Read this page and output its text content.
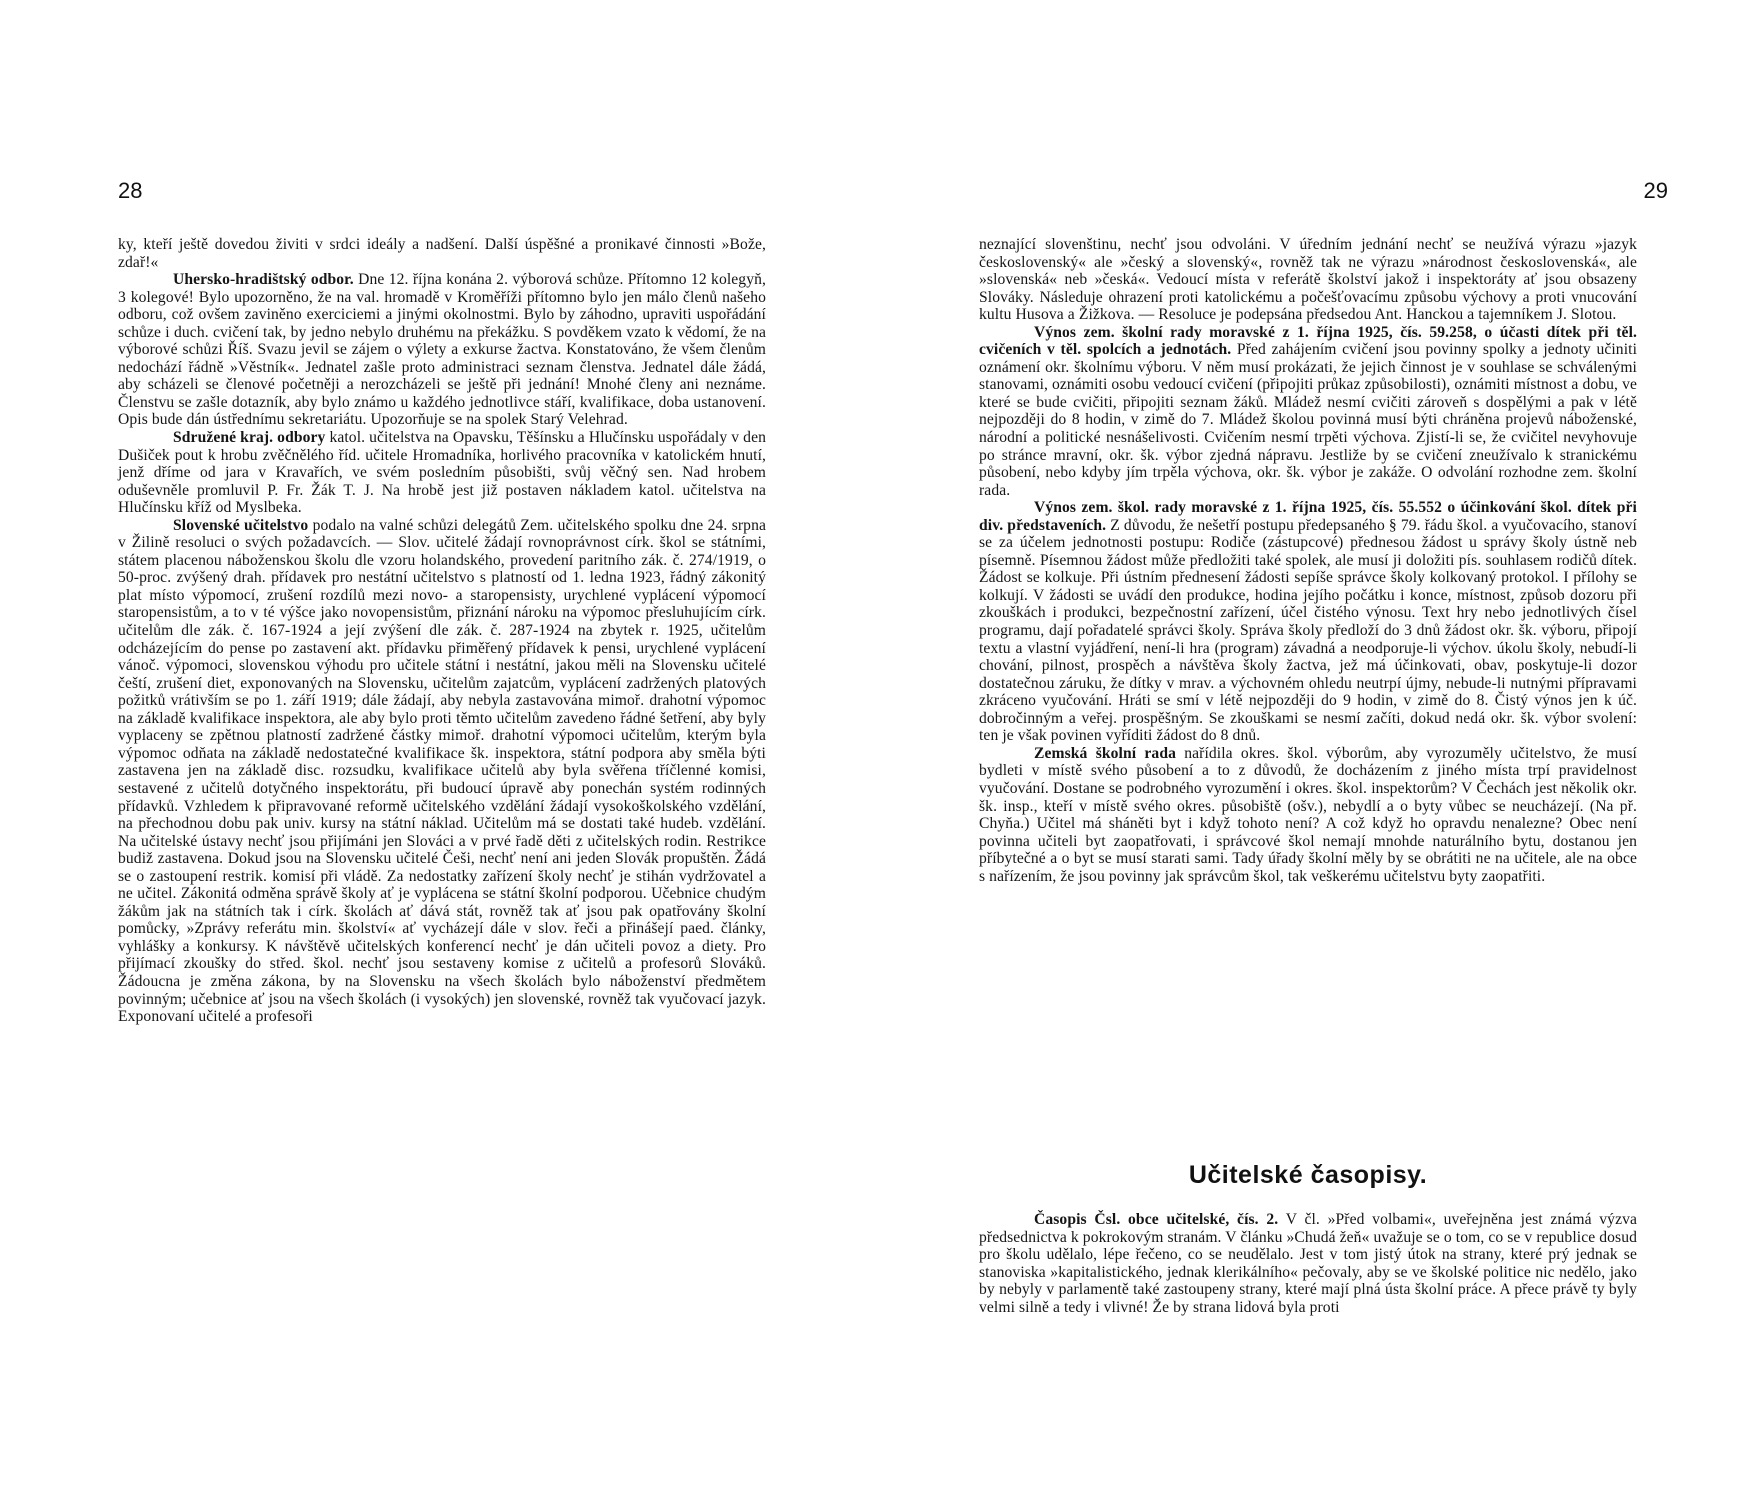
28

ky, kteří ještě dovedou živiti v srdci ideály a nadšení. Další úspěšné a pronikavé činnosti »Bože, zdař!«

Uhersko-hradištský odbor. Dne 12. října konána 2. výborová schůze. Přítomno 12 kolegyň, 3 kolegové! Bylo upozorněno, že na val. hromadě v Kroměříži přítomno bylo jen málo členů našeho odboru, což ovšem zaviněno exerciciemi a jinými okolnostmi. Bylo by záhodno, upraviti uspořádání schůze i duch. cvičení tak, by jedno nebylo druhému na překážku. S povděkem vzato k vědomí, že na výborové schůzi Říš. Svazu jevil se zájem o výlety a exkurse žactva. Konstatováno, že všem členům nedochází řádně »Věstník«. Jednatel zašle proto administraci seznam členstva. Jednatel dále žádá, aby scházeli se členové početněji a nerozcházeli se ještě při jednání! Mnohé členy ani neznáme. Členstvu se zašle dotazník, aby bylo známo u každého jednotlivce stáří, kvalifikace, doba ustanovení. Opis bude dán ústřednímu sekretariátu. Upozorňuje se na spolek Starý Velehrad.

Sdružené kraj. odbory katol. učitelstva na Opavsku, Těšínsku a Hlučínsku uspořádaly v den Dušiček pout k hrobu zvěčnělého říd. učitele Hromadníka, horlivého pracovníka v katolickém hnutí, jenž dříme od jara v Kravařích, ve svém posledním působišti, svůj věčný sen. Nad hrobem oduševněle promluvil P. Fr. Žák T. J. Na hrobě jest již postaven nákladem katol. učitelstva na Hlučínsku kříž od Myslbeka.

Slovenské učitelstvo podalo na valné schůzi delegátů Zem. učitelského spolku dne 24. srpna v Žilině resoluci o svých požadavcích. — Slov. učitelé žádají rovnoprávnost círk. škol se státními, státem placenou náboženskou školu dle vzoru holandského, provedení paritního zák. č. 274/1919, o 50-proc. zvýšený drah. přídavek pro nestátní učitelstvo s platností od 1. ledna 1923, řádný zákonitý plat místo výpomocí, zrušení rozdílů mezi novo- a staropensisty, urychlené vyplácení výpomocí staropensistům, a to v té výšce jako novopensistům, přiznání nároku na výpomoc přesluhujícím círk. učitelům dle zák. č. 167-1924 a její zvýšení dle zák. č. 287-1924 na zbytek r. 1925, učitelům odcházejícím do pense po zastavení akt. přídavku přiměřený přídavek k pensi, urychlené vyplácení vánoč. výpomoci, slovenskou výhodu pro učitele státní i nestátní, jakou měli na Slovensku učitelé čeští, zrušení diet, exponovaných na Slovensku, učitelům zajatcům, vyplácení zadržených platových požitků vrátivším se po 1. září 1919; dále žádají, aby nebyla zastavována mimoř. drahotní výpomoc na základě kvalifikace inspektora, ale aby bylo proti těmto učitelům zavedeno řádné šetření, aby byly vyplaceny se zpětnou platností zadržené částky mimoř. drahotní výpomoci učitelům, kterým byla výpomoc odňata na základě nedostatečné kvalifikace šk. inspektora, státní podpora aby směla býti zastavena jen na základě disc. rozsudku, kvalifikace učitelů aby byla svěřena tříčlenné komisi, sestavené z učitelů dotyčného inspektorátu, při budoucí úpravě aby ponechán systém rodinných přídavků. Vzhledem k připravované reformě učitelského vzdělání žádají vysokoškolského vzdělání, na přechodnou dobu pak univ. kursy na státní náklad. Učitelům má se dostati také hudeb. vzdělání. Na učitelské ústavy nechť jsou přijímáni jen Slováci a v prvé řadě děti z učitelských rodin. Restrikce budiž zastavena. Dokud jsou na Slovensku učitelé Češi, nechť není ani jeden Slovák propuštěn. Žádá se o zastoupení restrik. komisí při vládě. Za nedostatky zařízení školy nechť je stihán vydržovatel a ne učitel. Zákonitá odměna správě školy ať je vyplácena se státní školní podporou. Učebnice chudým žákům jak na státních tak i círk. školách ať dává stát, rovněž tak ať jsou pak opatřovány školní pomůcky, »Zprávy referátu min. školství« ať vycházejí dále v slov. řeči a přinášejí paed. články, vyhlášky a konkursy. K návštěvě učitelských konferencí nechť je dán učiteli povoz a diety. Pro přijímací zkoušky do střed. škol. nechť jsou sestaveny komise z učitelů a profesorů Slováků. Žádoucna je změna zákona, by na Slovensku na všech školách bylo náboženství předmětem povinným; učebnice ať jsou na všech školách (i vysokých) jen slovenské, rovněž tak vyučovací jazyk. Exponovaní učitelé a profesoři

29

neznající slovenštinu, nechť jsou odvoláni. V úředním jednání nechť se neužívá výrazu »jazyk československý« ale »český a slovenský«, rovněž tak ne výrazu »národnost československá«, ale »slovenská« neb »česká«. Vedoucí místa v referátě školství jakož i inspektoráty ať jsou obsazeny Slováky. Následuje ohrazení proti katolickému a počešťovacímu způsobu výchovy a proti vnucování kultu Husova a Žižkova. — Resoluce je podepsána předsedou Ant. Hanckou a tajemníkem J. Slotou.

Výnos zem. školní rady moravské z 1. října 1925, čís. 59.258, o účasti dítek při těl. cvičeních v těl. spolcích a jednotách. Před zahájením cvičení jsou povinny spolky a jednoty učiniti oznámení okr. školnímu výboru. V něm musí prokázati, že jejich činnost je v souhlase se schválenými stanovami, oznámiti osobu vedoucí cvičení (připojiti průkaz způsobilosti), oznámiti místnost a dobu, ve které se bude cvičiti, připojiti seznam žáků. Mládež nesmí cvičiti zároveň s dospělými a pak v létě nejpozději do 8 hodin, v zimě do 7. Mládež školou povinná musí býti chráněna projevů náboženské, národní a politické nesnášelivosti. Cvičením nesmí trpěti výchova. Zjistí-li se, že cvičitel nevyhovuje po stránce mravní, okr. šk. výbor zjedná nápravu. Jestliže by se cvičení zneužívalo k stranickému působení, nebo kdyby jím trpěla výchova, okr. šk. výbor je zakáže. O odvolání rozhodne zem. školní rada.

Výnos zem. škol. rady moravské z 1. října 1925, čís. 55.552 o účinkování škol. dítek při div. představeních. Z důvodu, že nešetří postupu předepsaného § 79. řádu škol. a vyučovacího, stanoví se za účelem jednotnosti postupu: Rodiče (zástupcové) přednesou žádost u správy školy ústně neb písemně. Písemnou žádost může předložiti také spolek, ale musí ji doložiti pís. souhlasem rodičů dítek. Žádost se kolkuje. Při ústním přednesení žádosti sepíše správce školy kolkovaný protokol. I přílohy se kolkují. V žádosti se uvádí den produkce, hodina jejího počátku i konce, místnost, způsob dozoru při zkouškách i produkci, bezpečnostní zařízení, účel čistého výnosu. Text hry nebo jednotlivých čísel programu, dají pořadatelé správci školy. Správa školy předloží do 3 dnů žádost okr. šk. výboru, připojí textu a vlastní vyjádření, není-li hra (program) závadná a neodporuje-li výchov. úkolu školy, nebudí-li chování, pilnost, prospěch a návštěva školy žactva, jež má účinkovati, obav, poskytuje-li dozor dostatečnou záruku, že dítky v mrav. a výchovném ohledu neutrpí újmy, nebude-li nutnými přípravami zkráceno vyučování. Hráti se smí v létě nejpozději do 9 hodin, v zimě do 8. Čistý výnos jen k úč. dobročinným a veřej. prospěšným. Se zkouškami se nesmí začíti, dokud nedá okr. šk. výbor svolení: ten je však povinen vyříditi žádost do 8 dnů.

Zemská školní rada nařídila okres. škol. výborům, aby vyrozuměly učitelstvo, že musí bydleti v místě svého působení a to z důvodů, že docházením z jiného místa trpí pravidelnost vyučování. Dostane se podrobného vyrozumění i okres. škol. inspektorům? V Čechách jest několik okr. šk. insp., kteří v místě svého okres. působiště (ošv.), nebydlí a o byty vůbec se neucházejí. (Na př. Chyňa.) Učitel má sháněti byt i když tohoto není? A což když ho opravdu nenalezne? Obec není povinna učiteli byt zaopatřovati, i správcové škol nemají mnohde naturálního bytu, dostanou jen příbytečné a o byt se musí starati sami. Tady úřady školní měly by se obrátiti ne na učitele, ale na obce s nařízením, že jsou povinny jak správcům škol, tak veškerému učitelstvu byty zaopatřiti.

Učitelské časopisy.

Časopis Čsl. obce učitelské, čís. 2. V čl. »Před volbami«, uveřejněna jest známá výzva předsednictva k pokrokovým stranám. V článku »Chudá žeň« uvažuje se o tom, co se v republice dosud pro školu udělalo, lépe řečeno, co se neudělalo. Jest v tom jistý útok na strany, které prý jednak se stanoviska »kapitalistického, jednak klerikálního« pečovaly, aby se ve školské politice nic nedělo, jako by nebyly v parlamentě také zastoupeny strany, které mají plná ústa školní práce. A přece právě ty byly velmi silně a tedy i vlivné! Že by strana lidová byla proti
